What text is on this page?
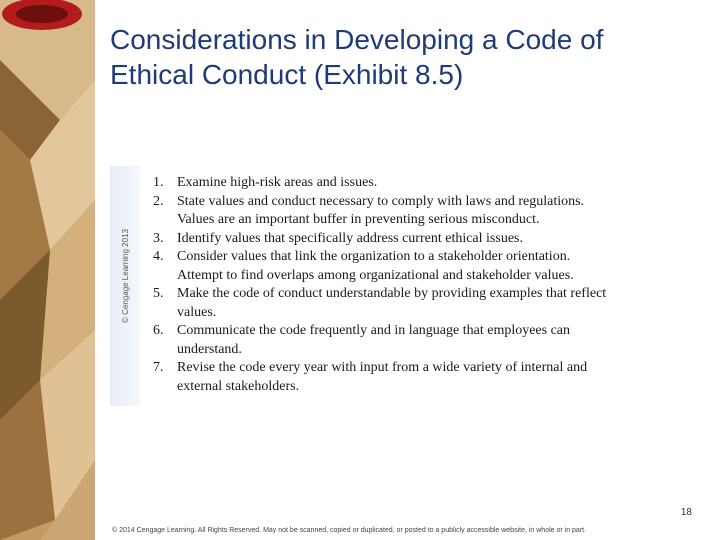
Considerations in Developing a Code of
Ethical Conduct (Exhibit 8.5)
© Cengage Learning 2013
1. Examine high-risk areas and issues.
2. State values and conduct necessary to comply with laws and regulations.
Values are an important buffer in preventing serious misconduct.
3. Identify values that specifically address current ethical issues.
4. Consider values that link the organization to a stakeholder orientation.
Attempt to find overlaps among organizational and stakeholder values.
5. Make the code of conduct understandable by providing examples that reflect
values.
6. Communicate the code frequently and in language that employees can
understand.
7. Revise the code every year with input from a wide variety of internal and
external stakeholders.
18
© 2014 Cengage Learning. All Rights Reserved. May not be scanned, copied or duplicated, or posted to a publicly accessible website, in whole or in part.
